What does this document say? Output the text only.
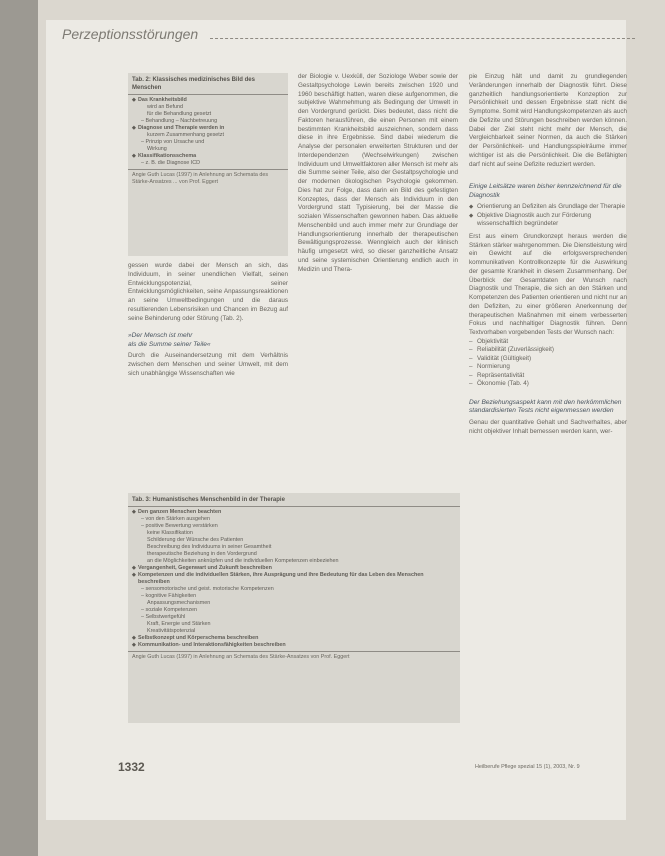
Perzeptionsstörungen
Tab. 2: Klassisches medizinisches Bild des Menschen
◆ Das Krankheitsbild
wird an Befund
für die Behandlung gesetzt
– Behandlung – Nachbetreuung
◆ Diagnose und Therapie werden in
kurzem Zusammenhang gesetzt
– Prinzip von Ursache und
Wirkung
◆ Klassifikationsschema
– z. B. die Diagnose ICD
Angie Guth Lucas (1997) in Anlehnung an Schemata des Stärke-Ansatzes ... von Prof. Eggert
gessen wurde dabei der Mensch an sich, das Individuum, in seiner unendlichen Vielfalt, seinen Entwicklungspotenzial, seiner Entwicklungsmöglichkeiten, seine Anpassungsreaktionen an seine Umweltbedingungen und die daraus resultierenden Lebensrisiken und Chancen im Bezug auf seine Behinderung oder Störung (Tab. 2).
»Der Mensch ist mehr
als die Summe seiner Teile«
Durch die Auseinandersetzung mit dem Verhältnis zwischen dem Menschen und seiner Umwelt, mit dem sich unabhängige Wissenschaften wie
der Biologie v. Uexküll, der Soziologe Weber sowie der Gestaltpsychologe Lewin bereits zwischen 1920 und 1960 beschäftigt hatten, waren diese aufgenommen, die subjektive Wahrnehmung als Bedingung der Umwelt in den Vordergrund gerückt. Dies bedeutet, dass nicht die Faktoren herausführen, die einen Personen mit einem bestimmten Krankheitsbild auszeichnen, sondern dass diese in ihre Ergebnisse. Sind dabei wiederum die Analyse der personalen erweiterten Strukturen und der Interdependenzen (Wechselwirkungen) zwischen Individuum und Umweltfaktoren aller Mensch ist mehr als die Summe seiner Teile, also der Gestaltpsychologie und der modernen ökologischen Psychologie gekommen. Dies hat zur Folge, dass darin ein Bild des gefestigten Konzeptes, dass der Mensch als Individuum in den Vordergrund statt Typisierung, bei der Masse die sozialen Wissenschaften gewonnen haben. Das aktuelle Menschenbild und auch immer mehr zur Grundlage der Handlungsorientierung innerhalb der therapeutischen Bewältigungsprozesse. Wenngleich auch der klinisch häufig umgesetzt wird, so dieser ganzheitliche Ansatz und seine systemischen Orientierung endlich auch in Medizin und Thera-
pie Einzug hält und damit zu grundlegenden Veränderungen innerhalb der Diagnostik führt. Diese ganzheitlich handlungsorientierte Konzeption zur Persönlichkeit und dessen Ergebnisse statt nicht die Symptome. Somit wird Handlungskompetenzen als auch die Defizite und Störungen beschreiben werden können. Dabei der Ziel steht nicht mehr der Mensch, die Vergleichbarkeit seiner Normen, da auch die Stärken der Persönlichkeit- und Handlungsspielräume immer wichtiger ist als die Persönlichkeit. Die die Befähigten darf nicht auf seine Defizite reduziert werden.
Einige Leitsätze waren bisher kennzeichnend für die Diagnostik
◆ Orientierung an Defiziten als Grundlage der Therapie
◆ Objektive Diagnostik auch zur Förderung wissenschaftlich begründeter
Erst aus einem Grundkonzept heraus werden die Stärken stärker wahrgenommen. Die Dienstleistung wird ein Gewicht auf die erfolgsversprechenden kommunikativen Kontrollkonzepte für die Auswirkung der gesamte Krankheit in diesem Zusammenhang. Der Überblick der Gesamtdaten der Wunsch nach Diagnostik und Therapie, die sich an den Stärken und Kompetenzen des Patienten orientieren und nicht nur an den Defiziten, zu einer größeren Anerkennung der therapeutischen Maßnahmen mit einem verbesserten Fokus und nachhaltiger Diagnostik führen. Denn Textvorhaben vorgebenden Tests der Wunsch nach:
– Objektivität
– Reliabilität (Zuverlässigkeit)
– Validität (Gültigkeit)
– Normierung
– Repräsentativität
– Ökonomie (Tab. 4)
Der Beziehungsaspekt kann mit den herkömmlichen standardisierten Tests nicht eigenmessen werden
Genau der quantitative Gehalt und Sachverhaltes, aber nicht objektiver Inhalt bemessen werden kann, wer-
Tab. 3: Humanistisches Menschenbild in der Therapie
◆ Den ganzen Menschen beachten
– von den Stärken ausgehen
– positive Bewertung verstärken
keine Klassifikation
Schilderung der Wünsche des Patienten
Beschreibung des Individuums in seiner Gesamtheit
therapeutische Beziehung in den Vordergrund
an die Möglichkeiten anknüpfen und die individuellen Kompetenzen einbeziehen
◆ Vergangenheit, Gegenwart und Zukunft beschreiben
◆ Kompetenzen und die individuellen Stärken, ihre Ausprägung und ihre Bedeutung für das Leben des Menschen beschreiben
– sensomotorische und geist. motorische Kompetenzen
– kognitive Fähigkeiten
Anpassungsmechanismen
– soziale Kompetenzen
– Selbstwertgefühl
Kraft, Energie und Stärken
Kreativitätspotenzial
◆ Selbstkonzept und Körperschema beschreiben
◆ Kommunikation- und Interaktionsfähigkeiten beschreiben
Angie Guth Lucas (1997) in Anlehnung an Schemata des Stärke-Ansatzes von Prof. Eggert
1332	Heilberufe Pflege spezial 15 (1), 2003, Nr. 9
